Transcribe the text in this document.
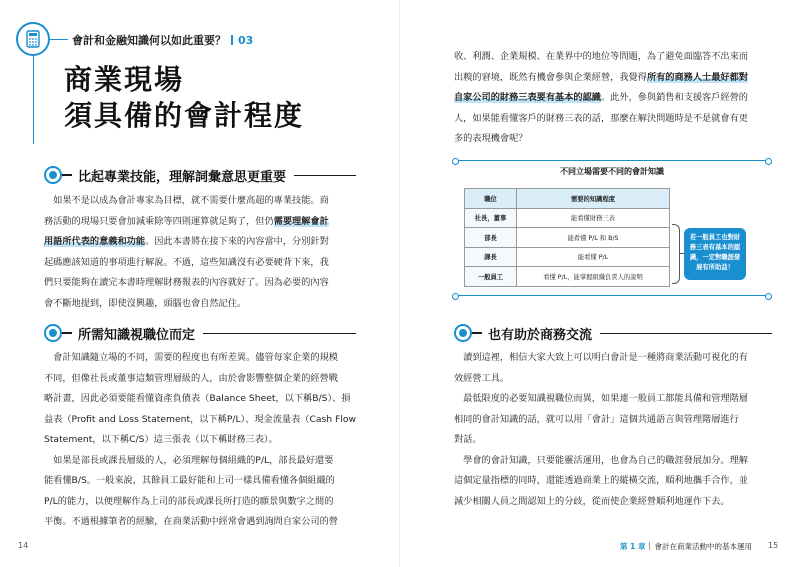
會計和金融知識何以如此重要？ 03
商業現場
須具備的會計程度
比起專業技能，理解詞彙意思更重要
　如果不是以成為會計專家為目標，就不需要什麼高超的專業技能。商
務活動的現場只要會加減乘除等四則運算就足夠了，但仍需要理解會計
用語所代表的意義和功能。因此本書將在接下來的內容當中，分別針對
起碼應該知道的事項進行解說。不過，這些知識沒有必要硬背下來，我
們只要能夠在讀完本書時理解財務報表的內容就好了。因為必要的內容
會不斷地提到，即使沒興趣，頭腦也會自然記住。
所需知識視職位而定
　會計知識隨立場的不同，需要的程度也有所差異。儘管每家企業的規模
不同，但像社長或董事這類管理層級的人，由於會影響整個企業的經營戰
略計畫，因此必須要能看懂資產負債表（Balance Sheet，以下稱B/S）、損
益表（Profit and Loss Statement，以下稱P/L）、現金流量表（Cash Flow
Statement，以下稱C/S）這三張表（以下稱財務三表）。
　如果是部長或課長層級的人，必須理解每個組織的P/L，部長最好還要
能看懂B/S。一般來說，其餘員工最好能和上司一樣具備看懂各個組織的
P/L的能力，以便理解作為上司的部長或課長所打造的願景與數字之間的
平衡。不過根據筆者的經驗，在商業活動中經常會遇到詢問自家公司的營
14
收、利潤、企業規模、在業界中的地位等問題，為了避免面臨答不出來而
出糗的窘境，既然有機會參與企業經營，我覺得所有的商務人士最好都對
自家公司的財務三表要有基本的認識。此外，參與銷售和支援客戶經營的
人，如果能看懂客戶的財務三表的話，那麼在解決問題時是不是就會有更
多的表現機會呢？
不同立場需要不同的會計知識
職位	需要的知識程度
社長，董事	能看懂財務三表
部長	能看懂 P/L 和 B/S
課長	能看懂 P/L
一般員工	看懂 P/L，能掌握組織負責人的說明
若一般員工也對財
務三表有基本的認
識，一定對職涯發
展有所助益！
也有助於商務交流
　讀到這裡，相信大家大致上可以明白會計是一種將商業活動可視化的有
效經營工具。
　最低限度的必要知識視職位而異，如果連一般員工都能具備和管理階層
相同的會計知識的話，就可以用「會計」這個共通語言與管理階層進行
對話。
　學會的會計知識，只要能靈活運用，也會為自己的職涯發展加分。理解
這個定量指標的同時，還能透過商業上的縱橫交流，順利地攜手合作，並
減少相關人員之間認知上的分歧，從而使企業經營順利地運作下去。
第 1 章 會計在商業活動中的基本運用 15
